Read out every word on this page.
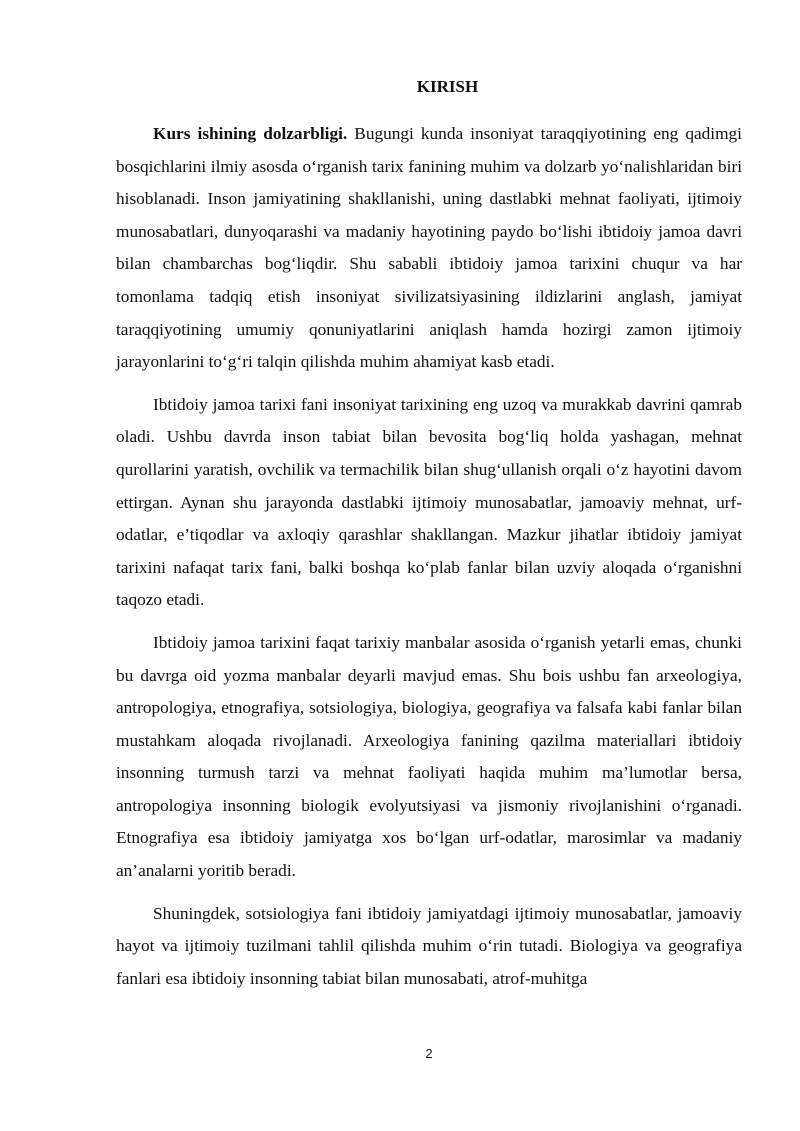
KIRISH

Kurs ishining dolzarbligi. Bugungi kunda insoniyat taraqqiyotining eng qadimgi bosqichlarini ilmiy asosda o‘rganish tarix fanining muhim va dolzarb yo‘nalishlaridan biri hisoblanadi. Inson jamiyatining shakllanishi, uning dastlabki mehnat faoliyati, ijtimoiy munosabatlari, dunyoqarashi va madaniy hayotining paydo bo‘lishi ibtidoiy jamoa davri bilan chambarchas bog‘liqdir. Shu sababli ibtidoiy jamoa tarixini chuqur va har tomonlama tadqiq etish insoniyat sivilizatsiyasining ildizlarini anglash, jamiyat taraqqiyotining umumiy qonuniyatlarini aniqlash hamda hozirgi zamon ijtimoiy jarayonlarini to‘g‘ri talqin qilishda muhim ahamiyat kasb etadi.

Ibtidoiy jamoa tarixi fani insoniyat tarixining eng uzoq va murakkab davrini qamrab oladi. Ushbu davrda inson tabiat bilan bevosita bog‘liq holda yashagan, mehnat qurollarini yaratish, ovchilik va termachilik bilan shug‘ullanish orqali o‘z hayotini davom ettirgan. Aynan shu jarayonda dastlabki ijtimoiy munosabatlar, jamoaviy mehnat, urf-odatlar, e’tiqodlar va axloqiy qarashlar shakllangan. Mazkur jihatlar ibtidoiy jamiyat tarixini nafaqat tarix fani, balki boshqa ko‘plab fanlar bilan uzviy aloqada o‘rganishni taqozo etadi.

Ibtidoiy jamoa tarixini faqat tarixiy manbalar asosida o‘rganish yetarli emas, chunki bu davrga oid yozma manbalar deyarli mavjud emas. Shu bois ushbu fan arxeologiya, antropologiya, etnografiya, sotsiologiya, biologiya, geografiya va falsafa kabi fanlar bilan mustahkam aloqada rivojlanadi. Arxeologiya fanining qazilma materiallari ibtidoiy insonning turmush tarzi va mehnat faoliyati haqida muhim ma’lumotlar bersa, antropologiya insonning biologik evolyutsiyasi va jismoniy rivojlanishini o‘rganadi. Etnografiya esa ibtidoiy jamiyatga xos bo‘lgan urf-odatlar, marosimlar va madaniy an’analarni yoritib beradi.

Shuningdek, sotsiologiya fani ibtidoiy jamiyatdagi ijtimoiy munosabatlar, jamoaviy hayot va ijtimoiy tuzilmani tahlil qilishda muhim o‘rin tutadi. Biologiya va geografiya fanlari esa ibtidoiy insonning tabiat bilan munosabati, atrof-muhitga

2
